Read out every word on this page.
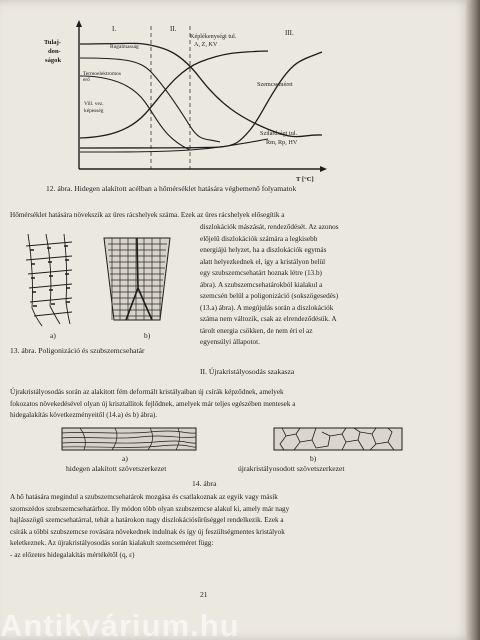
Tulaj-
don-
ságok
I.	II.	III.
Képlékenységi tul.
A, Z, KV
Rugalmasság
Termoelektromos
erő
Vill. vez.
képesség
Szemcseméret
Szilárdsági tul.
Rm, Rp, HV
T [°C]
12. ábra. Hidegen alakított acélban a hőmérséklet hatására végbemenő folyamatok
Hőmérséklet hatására növekszik az üres rácshelyek száma. Ezek az üres rácshelyek elősegítik a
diszlokációk mászását, rendeződését. Az azonos
előjelű diszlokációk számára a legkisebb
energiájú helyzet, ha a diszlokációk egymás
alatt helyezkednek el, így a kristályon belül
egy szubszemcsehatárt hoznak létre (13.b)
ábra). A szubszemcsehatárokból kialakul a
szemcsén belül a poligonizáció (sokszögesedés)
(13.a) ábra). A megújulás során a diszlokációk
száma nem változik, csak az elrendeződésük. A
tárolt energia csökken, de nem éri el az
egyensúlyi állapotot.
a)	b)
13. ábra. Poligonizáció és szubszemcsehatár
II. Újrakristályosodás szakasza
Újrakristályosodás során az alakított fém deformált kristályaiban új csírák képződnek, amelyek
fokozatos növekedésével olyan új krisztallitok fejlődnek, amelyek már teljes egészében mentesek a
hidegalakítás következményeitől (14.a) és b) ábra).
a)	b)
hidegen alakított szövetszerkezet	újrakristályosodott szövetszerkezet
14. ábra
A hő hatására megindul a szubszemcsehatárok mozgása és csatlakoznak az egyik vagy másik
szomszédos szubszemcsehatárhoz. Ily módon több olyan szubszemcse alakul ki, amely már nagy
hajlásszögű szemcsehatárral, tehát a határokon nagy diszlokációsűrűséggel rendelkezik. Ezek a
csírák a többi szubszemcse rovására növekednek indulnak és így új feszültségmentes kristályok
keletkeznek. Az újrakristályosodás során kialakult szemcseméret függ:
- az előzetes hidegalakítás mértékétől (q, ε)
21
Antikvárium.hu
